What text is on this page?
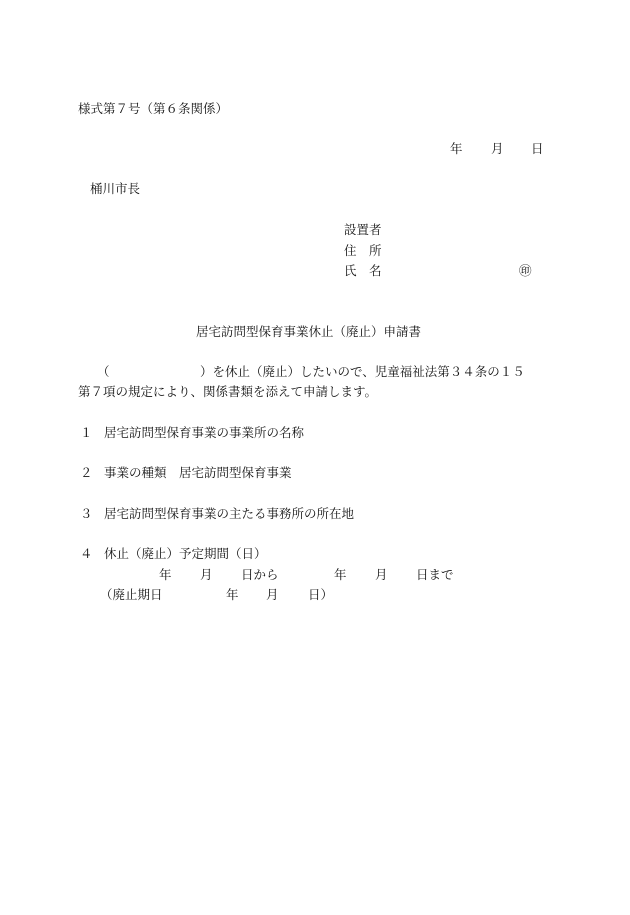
様式第７号（第６条関係）
年 月 日
桶川市長
設置者
住　所
氏　名	㊞
居宅訪問型保育事業休止（廃止）申請書
（	）を休止（廃止）したいので、児童福祉法第３４条の１５
第７項の規定により、関係書類を添えて申請します。
１ 居宅訪問型保育事業の事業所の名称
２ 事業の種類　居宅訪問型保育事業
３ 居宅訪問型保育事業の主たる事務所の所在地
４ 休止（廃止）予定期間（日）
年 月 日から	年 月 日まで
（廃止期日	年 月 日）
